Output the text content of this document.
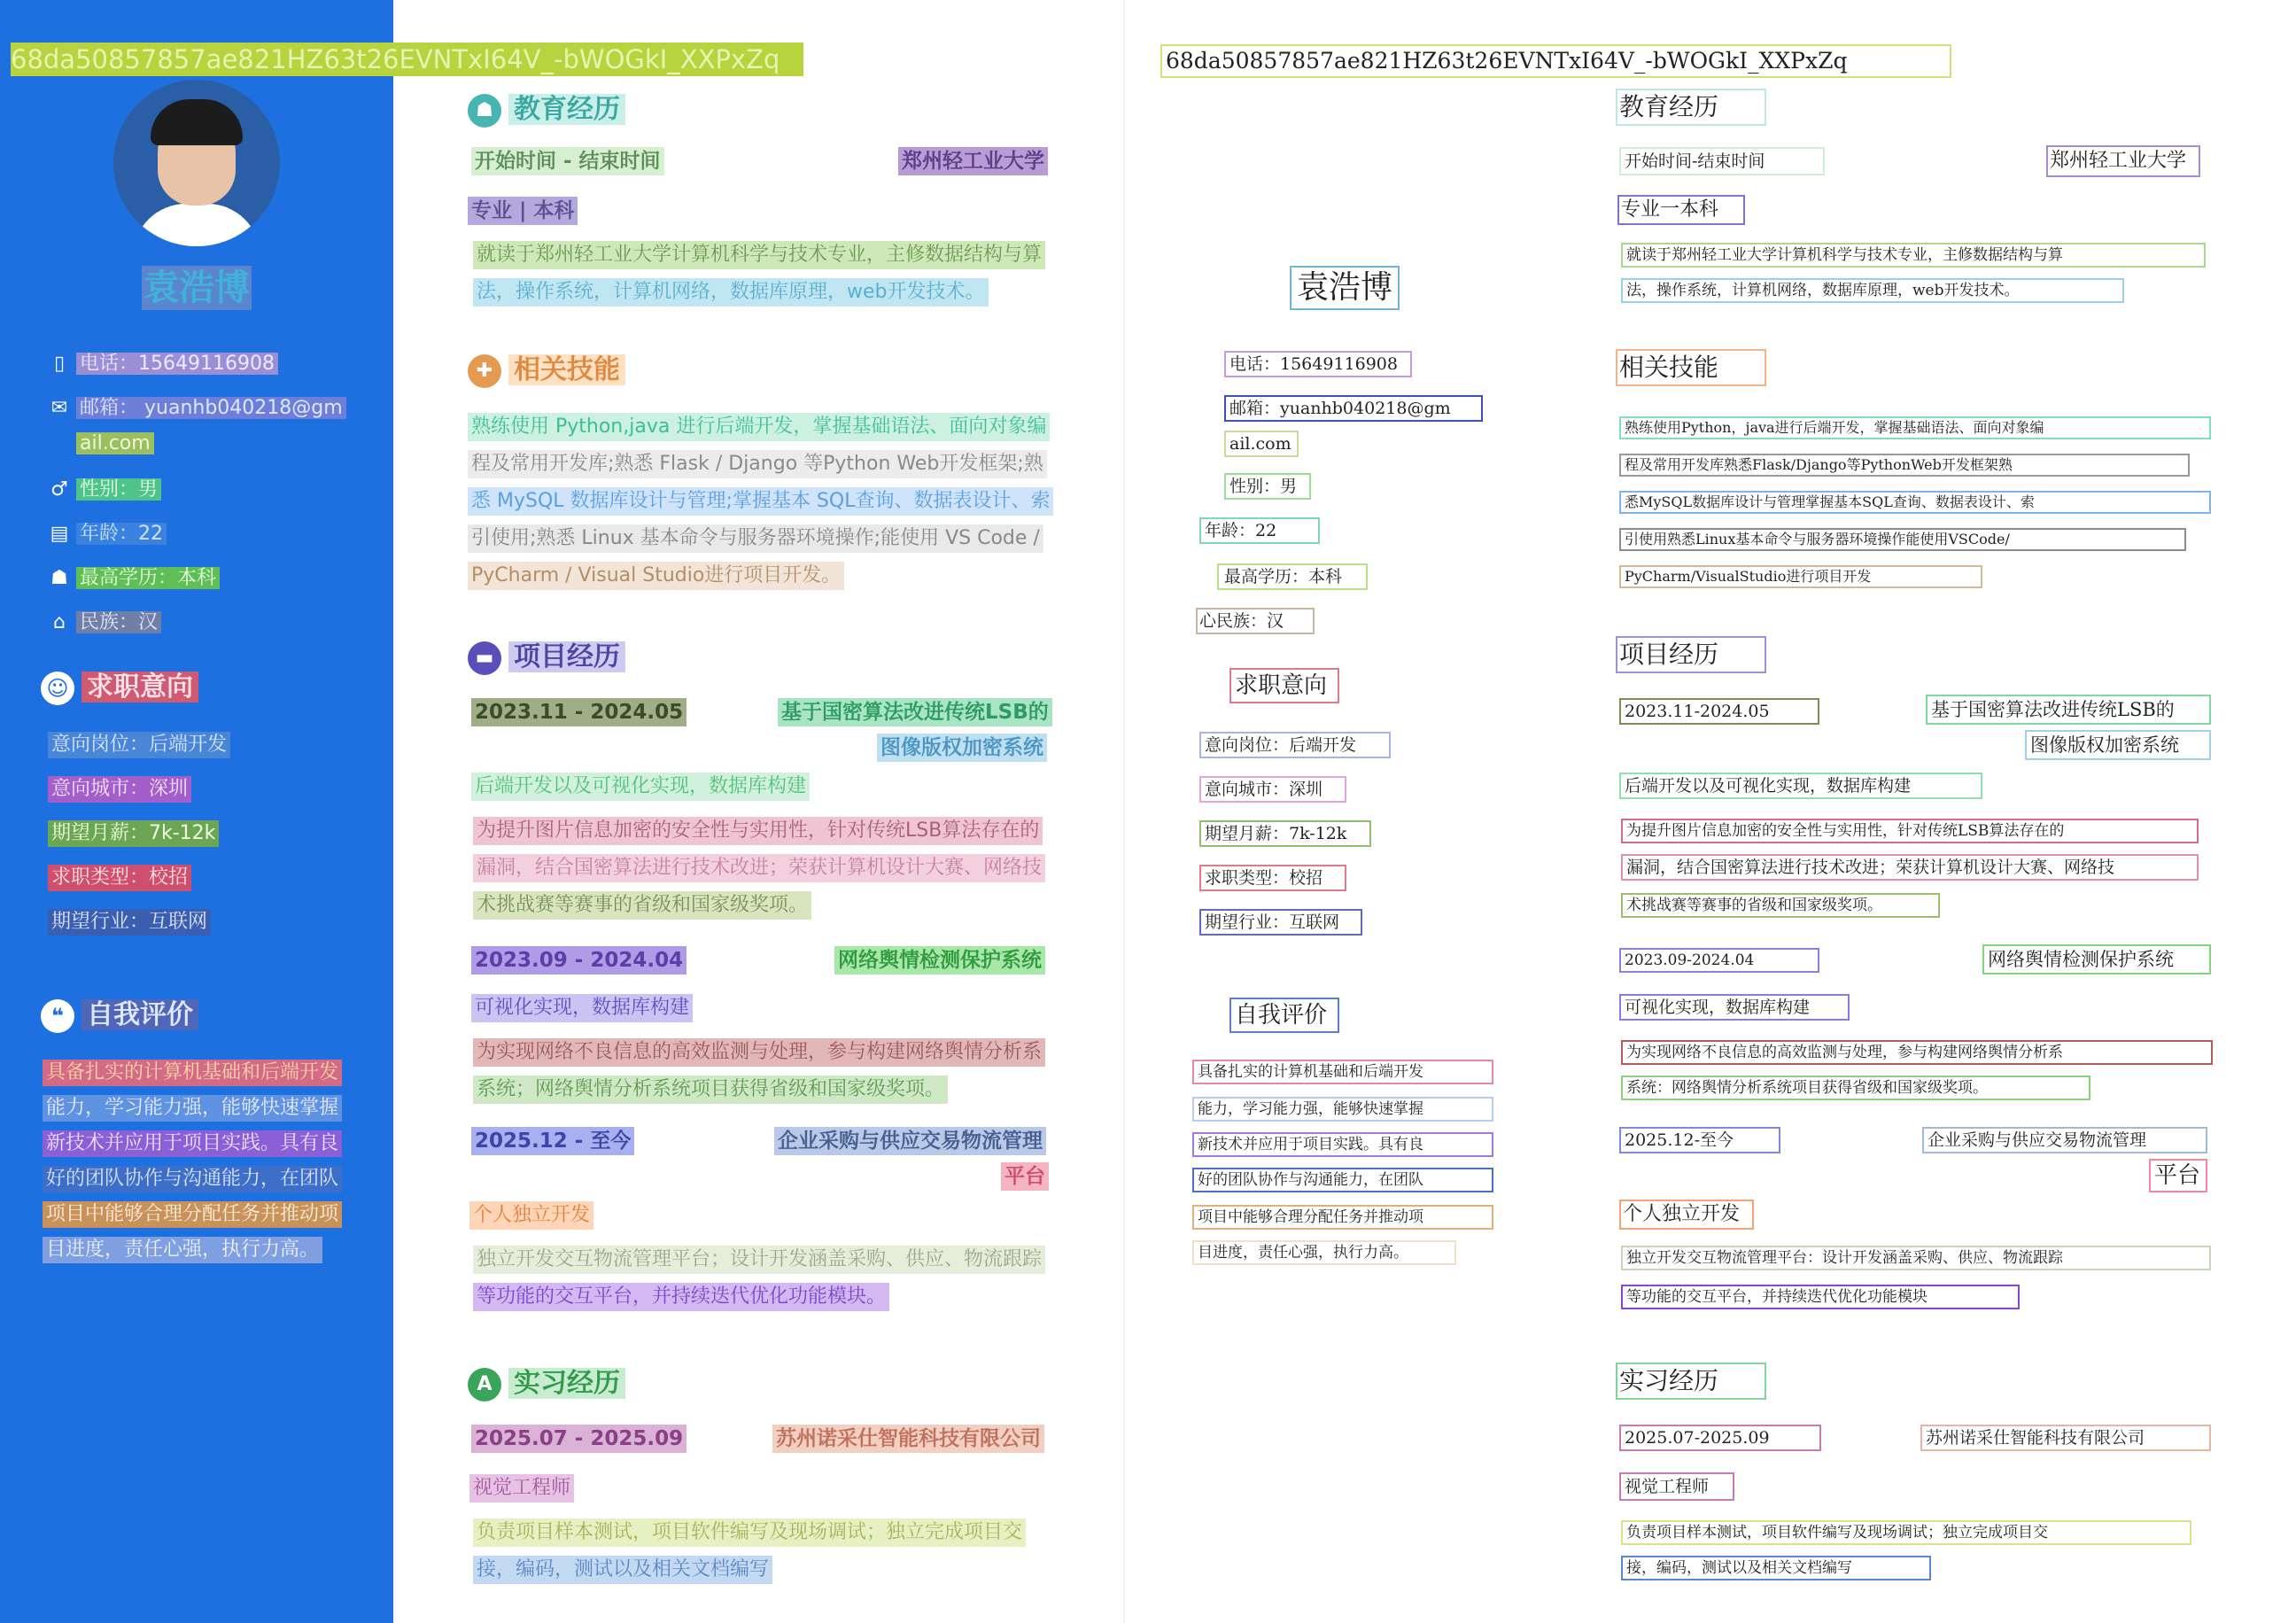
68da50857857ae821HZ63t26EVNTxI64V_-bWOGkI_XXPxZq
袁浩博
▯ 电话：15649116908
✉ 邮箱： yuanhb040218@gm
ail.com
♂ 性别：男
▤ 年龄：22
☗ 最高学历：本科
⌂ 民族：汉
☺ 求职意向
意向岗位：后端开发
意向城市：深圳
期望月薪：7k-12k
求职类型：校招
期望行业：互联网
❝ 自我评价
具备扎实的计算机基础和后端开发
能力，学习能力强，能够快速掌握
新技术并应用于项目实践。具有良
好的团队协作与沟通能力，在团队
项目中能够合理分配任务并推动项
目进度，责任心强，执行力高。
☗ 教育经历
开始时间 - 结束时间	郑州轻工业大学
专业 | 本科
就读于郑州轻工业大学计算机科学与技术专业，主修数据结构与算
法，操作系统，计算机网络，数据库原理，web开发技术。
✚ 相关技能
熟练使用 Python,java 进行后端开发，掌握基础语法、面向对象编
程及常用开发库;熟悉 Flask / Django 等Python Web开发框架;熟
悉 MySQL 数据库设计与管理;掌握基本 SQL查询、数据表设计、索
引使用;熟悉 Linux 基本命令与服务器环境操作;能使用 VS Code /
PyCharm / Visual Studio进行项目开发。
▬ 项目经历
2023.11 - 2024.05	基于国密算法改进传统LSB的
图像版权加密系统
后端开发以及可视化实现，数据库构建
为提升图片信息加密的安全性与实用性，针对传统LSB算法存在的
漏洞，结合国密算法进行技术改进；荣获计算机设计大赛、网络技
术挑战赛等赛事的省级和国家级奖项。
2023.09 - 2024.04	网络舆情检测保护系统
可视化实现，数据库构建
为实现网络不良信息的高效监测与处理，参与构建网络舆情分析系
系统；网络舆情分析系统项目获得省级和国家级奖项。
2025.12 - 至今	企业采购与供应交易物流管理
平台
个人独立开发
独立开发交互物流管理平台；设计开发涵盖采购、供应、物流跟踪
等功能的交互平台，并持续迭代优化功能模块。
A 实习经历
2025.07 - 2025.09	苏州诺采仕智能科技有限公司
视觉工程师
负责项目样本测试，项目软件编写及现场调试；独立完成项目交
接，编码，测试以及相关文档编写
68da50857857ae821HZ63t26EVNTxI64V_-bWOGkI_XXPxZq
袁浩博
电话：15649116908
邮箱：yuanhb040218@gm
ail.com
性别：男
年龄：22
最高学历：本科
心民族：汉
求职意向
意向岗位：后端开发
意向城市：深圳
期望月薪：7k-12k
求职类型：校招
期望行业：互联网
自我评价
具备扎实的计算机基础和后端开发
能力，学习能力强，能够快速掌握
新技术并应用于项目实践。具有良
好的团队协作与沟通能力，在团队
项目中能够合理分配任务并推动项
目进度，责任心强，执行力高。
教育经历
开始时间-结束时间	郑州轻工业大学
专业一本科
就读于郑州轻工业大学计算机科学与技术专业，主修数据结构与算
法，操作系统，计算机网络，数据库原理，web开发技术。
相关技能
熟练使用Python，java进行后端开发，掌握基础语法、面向对象编
程及常用开发库熟悉Flask/Django等PythonWeb开发框架熟
悉MySQL数据库设计与管理掌握基本SQL查询、数据表设计、索
引使用熟悉Linux基本命令与服务器环境操作能使用VSCode/
PyCharm/VisualStudio进行项目开发
项目经历
2023.11-2024.05	基于国密算法改进传统LSB的
图像版权加密系统
后端开发以及可视化实现，数据库构建
为提升图片信息加密的安全性与实用性，针对传统LSB算法存在的
漏洞，结合国密算法进行技术改进；荣获计算机设计大赛、网络技
术挑战赛等赛事的省级和国家级奖项。
2023.09-2024.04	网络舆情检测保护系统
可视化实现，数据库构建
为实现网络不良信息的高效监测与处理，参与构建网络舆情分析系
系统：网络舆情分析系统项目获得省级和国家级奖项。
2025.12-至今	企业采购与供应交易物流管理
平台
个人独立开发
独立开发交互物流管理平台：设计开发涵盖采购、供应、物流跟踪
等功能的交互平台，并持续迭代优化功能模块
实习经历
2025.07-2025.09	苏州诺采仕智能科技有限公司
视觉工程师
负责项目样本测试，项目软件编写及现场调试；独立完成项目交
接，编码，测试以及相关文档编写
